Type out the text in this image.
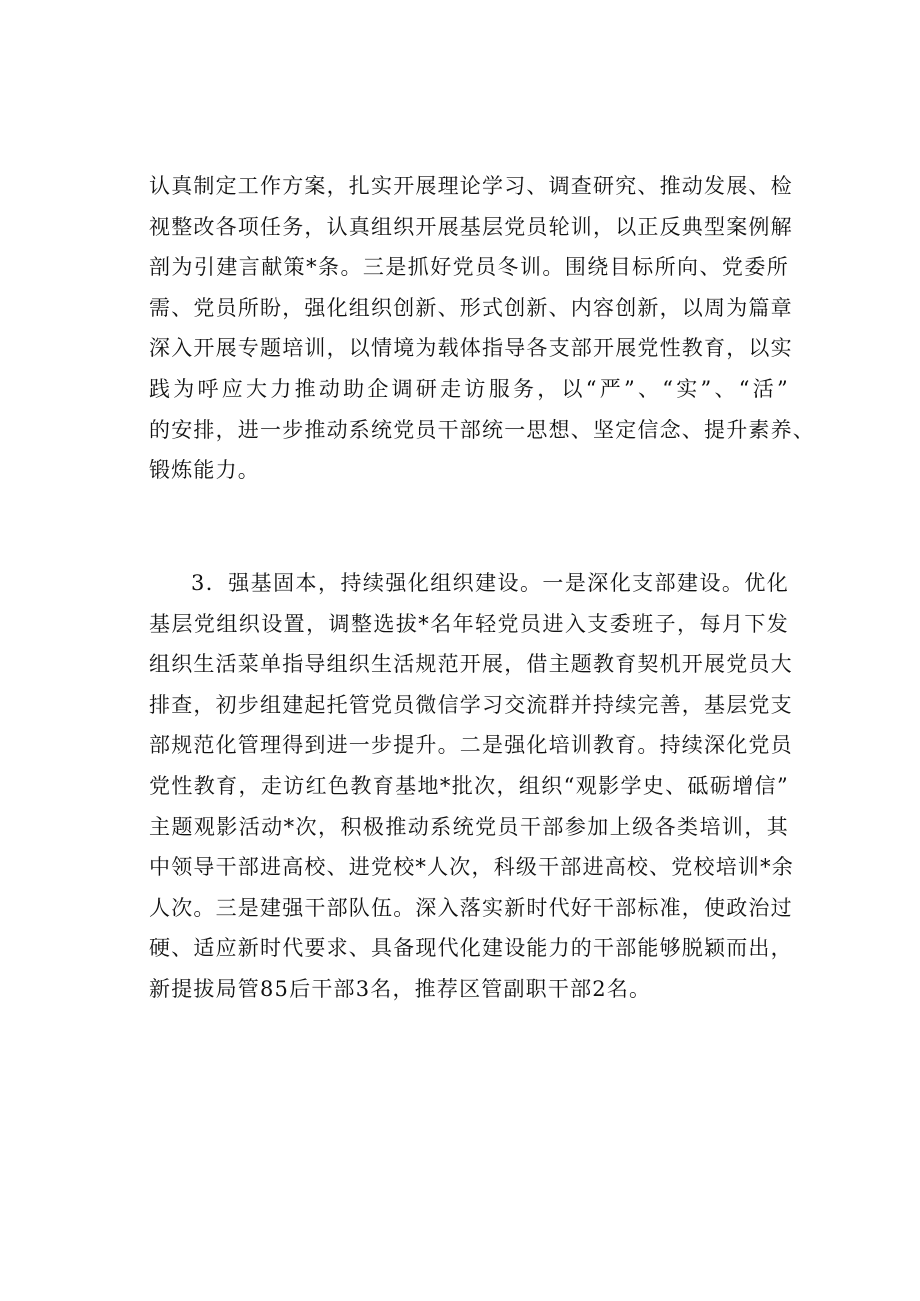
认真制定工作方案，扎实开展理论学习、调查研究、推动发展、检
视整改各项任务，认真组织开展基层党员轮训，以正反典型案例解
剖为引建言献策*条。三是抓好党员冬训。围绕目标所向、党委所
需、党员所盼，强化组织创新、形式创新、内容创新，以周为篇章
深入开展专题培训，以情境为载体指导各支部开展党性教育，以实
践为呼应大力推动助企调研走访服务，以“严”、“实”、“活”
的安排，进一步推动系统党员干部统一思想、坚定信念、提升素养、
锻炼能力。
3．强基固本，持续强化组织建设。一是深化支部建设。优化
基层党组织设置，调整选拔*名年轻党员进入支委班子，每月下发
组织生活菜单指导组织生活规范开展，借主题教育契机开展党员大
排查，初步组建起托管党员微信学习交流群并持续完善，基层党支
部规范化管理得到进一步提升。二是强化培训教育。持续深化党员
党性教育，走访红色教育基地*批次，组织“观影学史、砥砺增信”
主题观影活动*次，积极推动系统党员干部参加上级各类培训，其
中领导干部进高校、进党校*人次，科级干部进高校、党校培训*余
人次。三是建强干部队伍。深入落实新时代好干部标准，使政治过
硬、适应新时代要求、具备现代化建设能力的干部能够脱颖而出，
新提拔局管85后干部3名，推荐区管副职干部2名。
